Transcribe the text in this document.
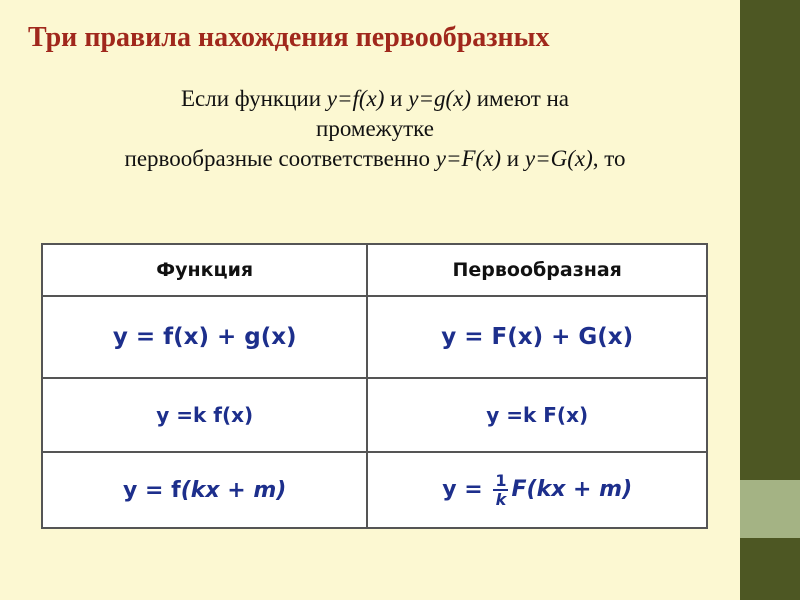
Три правила нахождения первообразных
Если функции y=f(x) и y=g(x) имеют на
промежутке
первообразные соответственно y=F(x) и y=G(x), то
Функция	Первообразная
y = f(x) + g(x)	y = F(x) + G(x)
y =k f(x)	y =k F(x)
y = f(kx + m)	$y = \frac{1}{k} F(kx + m)$
